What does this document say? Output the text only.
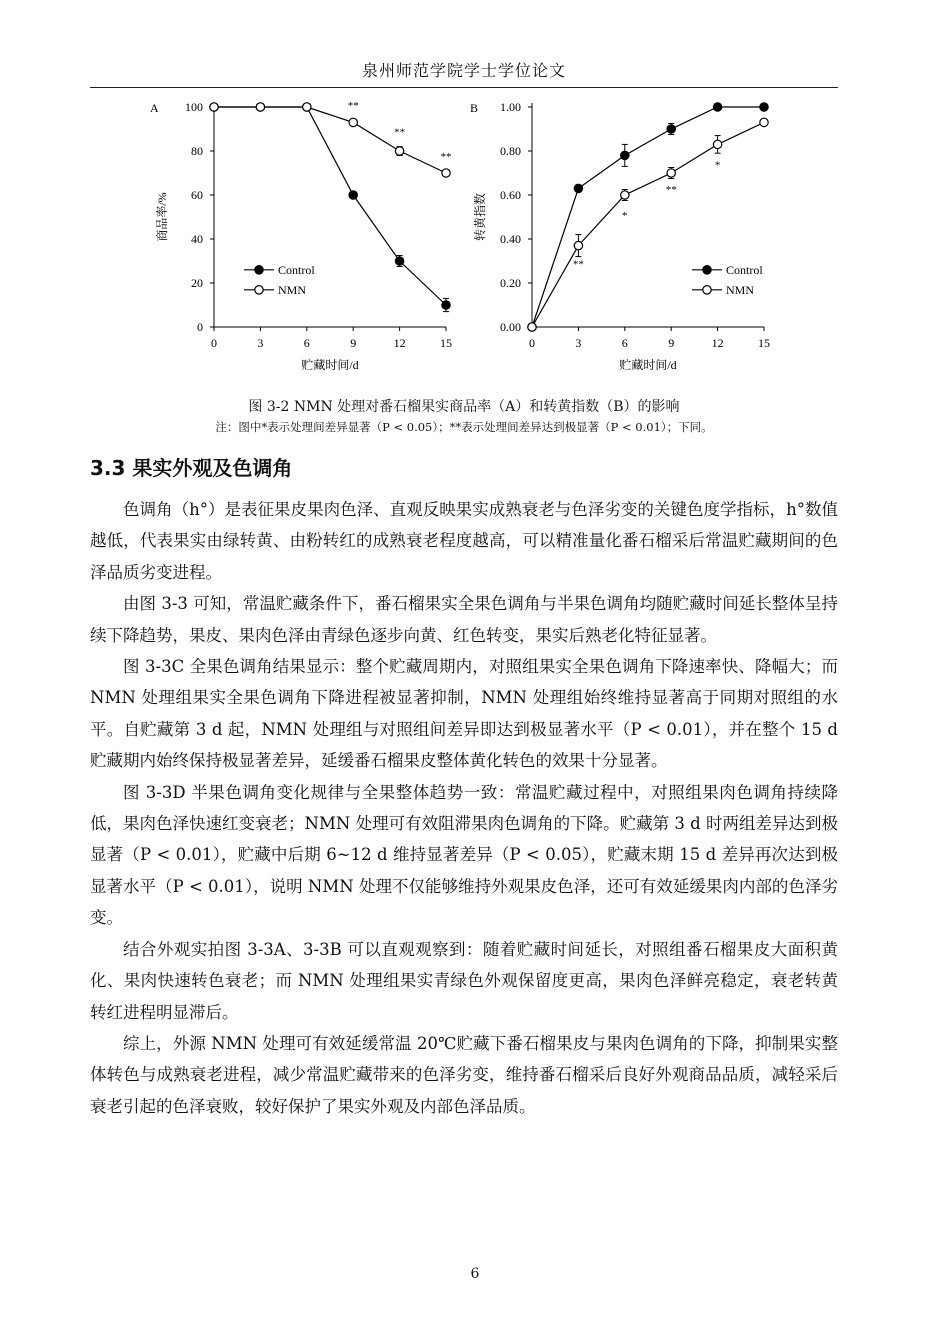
泉州师范学院学士学位论文
A
0
20
40
60
80
100
0	3	6	9	12	15
贮藏时间/d
商品率/%
**
**
**
Control
NMN
B
0.00
0.20
0.40
0.60
0.80
1.00
0	3	6	9	12	15
贮藏时间/d
转黄指数
**
*
**
*
Control
NMN
图 3-2 NMN 处理对番石榴果实商品率（A）和转黄指数（B）的影响
注：图中*表示处理间差异显著（P < 0.05）；**表示处理间差异达到极显著（P < 0.01）；下同。
3.3 果实外观及色调角

色调角（h°）是表征果皮果肉色泽、直观反映果实成熟衰老与色泽劣变的关键色度学指标，h°数值越低，代表果实由绿转黄、由粉转红的成熟衰老程度越高，可以精准量化番石榴采后常温贮藏期间的色泽品质劣变进程。

由图 3-3 可知，常温贮藏条件下，番石榴果实全果色调角与半果色调角均随贮藏时间延长整体呈持续下降趋势，果皮、果肉色泽由青绿色逐步向黄、红色转变，果实后熟老化特征显著。

图 3-3C 全果色调角结果显示：整个贮藏周期内，对照组果实全果色调角下降速率快、降幅大；而 NMN 处理组果实全果色调角下降进程被显著抑制，NMN 处理组始终维持显著高于同期对照组的水平。自贮藏第 3 d 起，NMN 处理组与对照组间差异即达到极显著水平（P < 0.01），并在整个 15 d 贮藏期内始终保持极显著差异，延缓番石榴果皮整体黄化转色的效果十分显著。

图 3-3D 半果色调角变化规律与全果整体趋势一致：常温贮藏过程中，对照组果肉色调角持续降低，果肉色泽快速红变衰老；NMN 处理可有效阻滞果肉色调角的下降。贮藏第 3 d 时两组差异达到极显著（P < 0.01），贮藏中后期 6~12 d 维持显著差异（P < 0.05），贮藏末期 15 d 差异再次达到极显著水平（P < 0.01），说明 NMN 处理不仅能够维持外观果皮色泽，还可有效延缓果肉内部的色泽劣变。

结合外观实拍图 3-3A、3-3B 可以直观观察到：随着贮藏时间延长，对照组番石榴果皮大面积黄化、果肉快速转色衰老；而 NMN 处理组果实青绿色外观保留度更高，果肉色泽鲜亮稳定，衰老转黄转红进程明显滞后。

综上，外源 NMN 处理可有效延缓常温 20℃贮藏下番石榴果皮与果肉色调角的下降，抑制果实整体转色与成熟衰老进程，减少常温贮藏带来的色泽劣变，维持番石榴采后良好外观商品品质，减轻采后衰老引起的色泽衰败，较好保护了果实外观及内部色泽品质。

6
